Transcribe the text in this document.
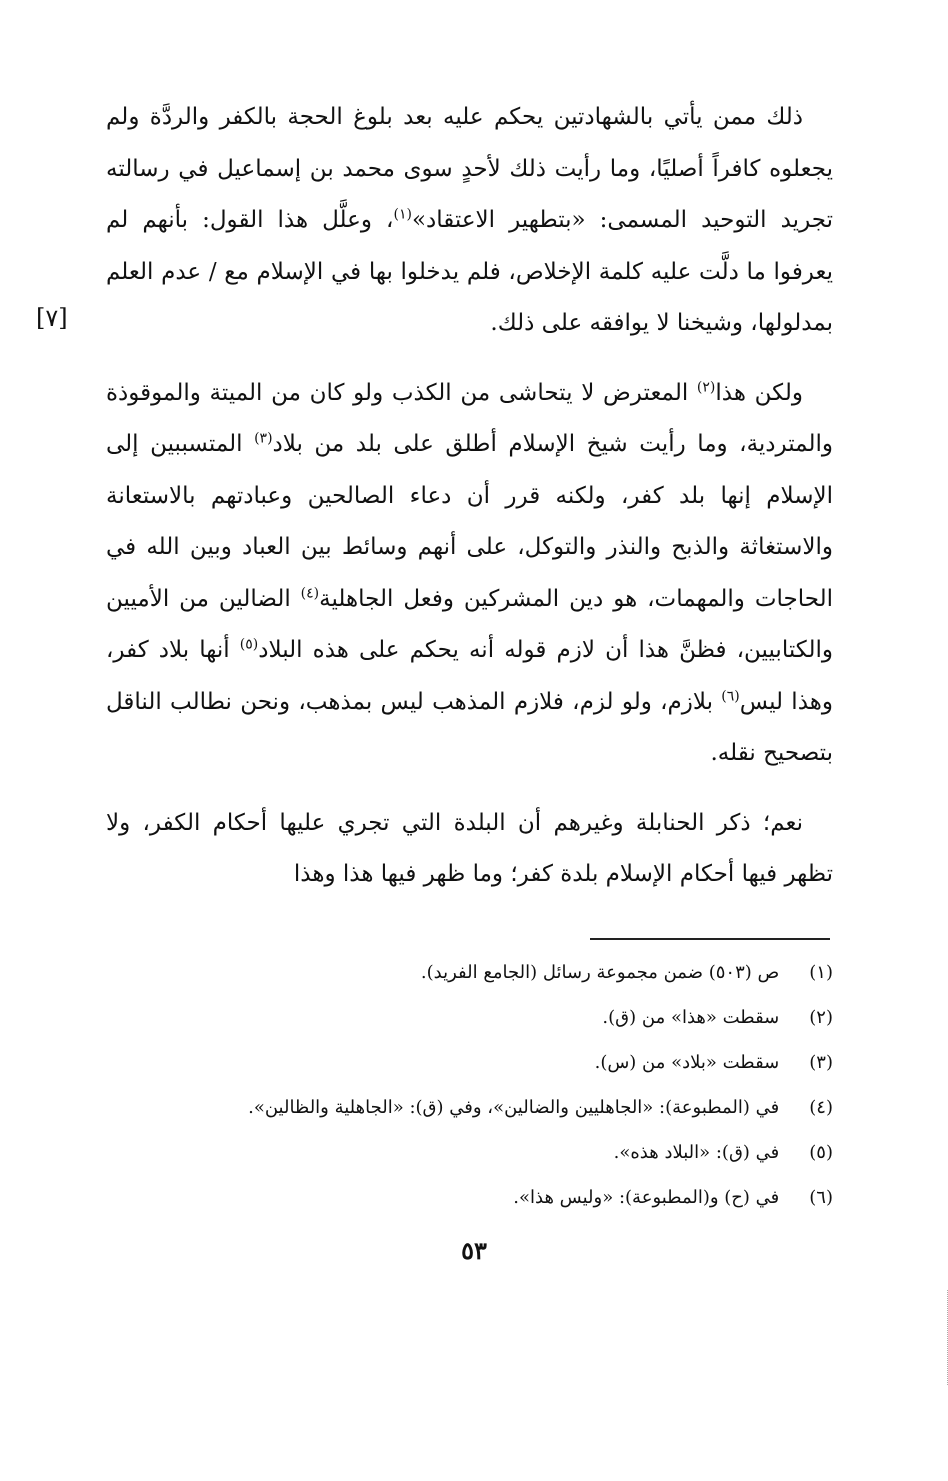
[٧]

ذلك ممن يأتي بالشهادتين يحكم عليه بعد بلوغ الحجة بالكفر والردَّة ولم يجعلوه كافراً أصليًا، وما رأيت ذلك لأحدٍ سوى محمد بن إسماعيل في رسالته تجريد التوحيد المسمى: «بتطهير الاعتقاد»$^{(١)}$، وعلَّل هذا القول: بأنهم لم يعرفوا ما دلَّت عليه كلمة الإخلاص، فلم يدخلوا بها في الإسلام مع / عدم العلم بمدلولها، وشيخنا لا يوافقه على ذلك.

ولكن هذا$^{(٢)}$ المعترض لا يتحاشى من الكذب ولو كان من الميتة والموقوذة والمتردية، وما رأيت شيخ الإسلام أطلق على بلد من بلاد$^{(٣)}$ المتسببين إلى الإسلام إنها بلد كفر، ولكنه قرر أن دعاء الصالحين وعبادتهم بالاستعانة والاستغاثة والذبح والنذر والتوكل، على أنهم وسائط بين العباد وبين الله في الحاجات والمهمات، هو دين المشركين وفعل الجاهلية$^{(٤)}$ الضالين من الأميين والكتابيين، فظنَّ هذا أن لازم قوله أنه يحكم على هذه البلاد$^{(٥)}$ أنها بلاد كفر، وهذا ليس$^{(٦)}$ بلازم، ولو لزم، فلازم المذهب ليس بمذهب، ونحن نطالب الناقل بتصحيح نقله.

نعم؛ ذكر الحنابلة وغيرهم أن البلدة التي تجري عليها أحكام الكفر، ولا تظهر فيها أحكام الإسلام بلدة كفر؛ وما ظهر فيها هذا وهذا

(١) ص (٥٠٣) ضمن مجموعة رسائل (الجامع الفريد).
(٢) سقطت «هذا» من (ق).
(٣) سقطت «بلاد» من (س).
(٤) في (المطبوعة): «الجاهليين والضالين»، وفي (ق): «الجاهلية والظالين».
(٥) في (ق): «البلاد هذه».
(٦) في (ح) و(المطبوعة): «وليس هذا».
٥٣
